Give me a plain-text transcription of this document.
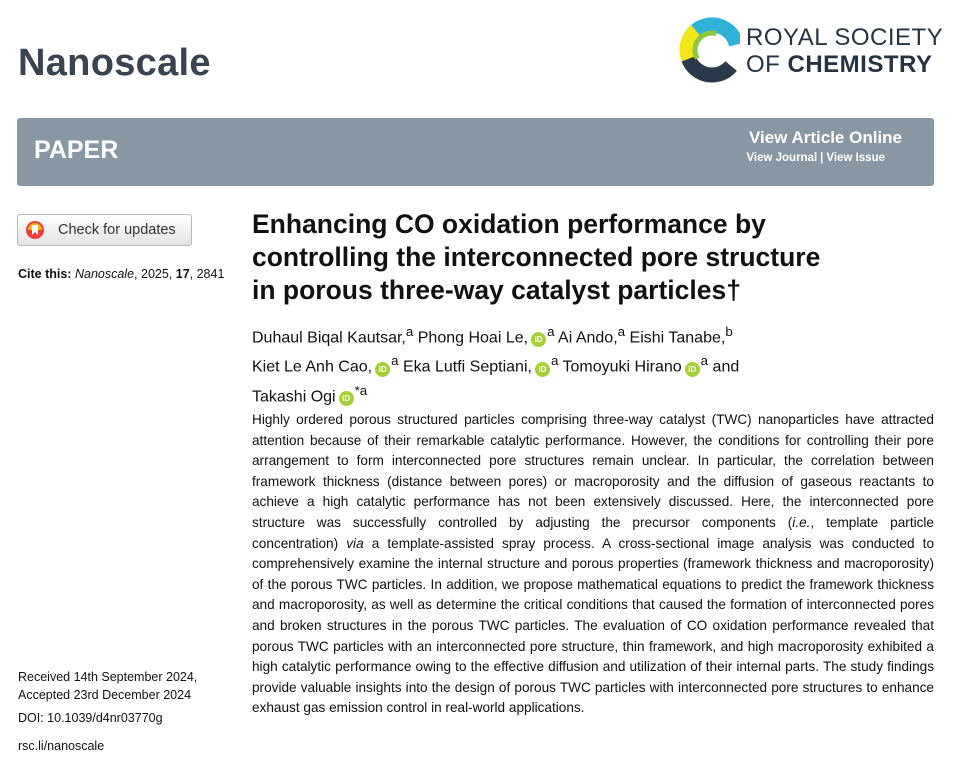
Nanoscale
ROYAL SOCIETY
OF CHEMISTRY
PAPER	View Article Online
View Journal | View Issue
Check for updates
Cite this: Nanoscale, 2025, 17, 2841
Enhancing CO oxidation performance by
controlling the interconnected pore structure
in porous three-way catalyst particles†
Duhaul Biqal Kautsar,$^a$ Phong Hoai Le, $iD^a$ Ai Ando,$^a$ Eishi Tanabe,$^b$
Kiet Le Anh Cao, $iD^a$ Eka Lutfi Septiani, $iD^a$ Tomoyuki Hirano $iD^a$ and
Takashi Ogi $iD^{*a}$
Highly ordered porous structured particles comprising three-way catalyst (TWC) nanoparticles have attracted attention because of their remarkable catalytic performance. However, the conditions for controlling their pore arrangement to form interconnected pore structures remain unclear. In particular, the correlation between framework thickness (distance between pores) or macroporosity and the diffusion of gaseous reactants to achieve a high catalytic performance has not been extensively discussed. Here, the interconnected pore structure was successfully controlled by adjusting the precursor components (i.e., template particle concentration) via a template-assisted spray process. A cross-sectional image analysis was conducted to comprehensively examine the internal structure and porous properties (framework thickness and macroporosity) of the porous TWC particles. In addition, we propose mathematical equations to predict the framework thickness and macroporosity, as well as determine the critical conditions that caused the formation of interconnected pores and broken structures in the porous TWC particles. The evaluation of CO oxidation performance revealed that porous TWC particles with an interconnected pore structure, thin framework, and high macroporosity exhibited a high catalytic performance owing to the effective diffusion and utilization of their internal parts. The study findings provide valuable insights into the design of porous TWC particles with interconnected pore structures to enhance exhaust gas emission control in real-world applications.
Received 14th September 2024,
Accepted 23rd December 2024
DOI: 10.1039/d4nr03770g
rsc.li/nanoscale
